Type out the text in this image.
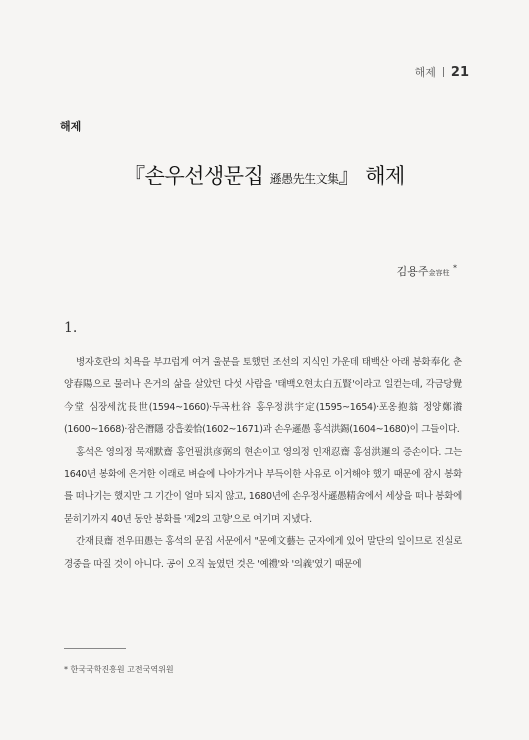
해제 21
해제
『손우선생문집 遜愚先生文集』 해제
김용주金容柱 *
1.

병자호란의 치욕을 부끄럽게 여겨 울분을 토했던 조선의 지식인 가운데 태백산 아래 봉화奉化 춘양春陽으로 물러나 은거의 삶을 살았던 다섯 사람을 '태백오현太白五賢'이라고 일컫는데, 각금당覺今堂 심장세沈長世(1594~1660)·두곡杜谷 홍우정洪宇定(1595~1654)·포옹抱翁 정양鄭瀁(1600~1668)·잠은潛隱 강흡姜恰(1602~1671)과 손우遜愚 홍석洪錫(1604~1680)이 그들이다.

홍석은 영의정 묵재默齋 홍언필洪彦弼의 현손이고 영의정 인재忍齋 홍섬洪暹의 증손이다. 그는 1640년 봉화에 은거한 이래로 벼슬에 나아가거나 부득이한 사유로 이거해야 했기 때문에 잠시 봉화를 떠나기는 했지만 그 기간이 얼마 되지 않고, 1680년에 손우정사遜愚精舍에서 세상을 떠나 봉화에 묻히기까지 40년 동안 봉화를 '제2의 고향'으로 여기며 지냈다.

간재艮齋 전우田愚는 홍석의 문집 서문에서 "문예文藝는 군자에게 있어 말단의 일이므로 진실로 경중을 따질 것이 아니다. 공이 오직 높였던 것은 '예禮'와 '의義'였기 때문에

* 한국국학진흥원 고전국역위원
